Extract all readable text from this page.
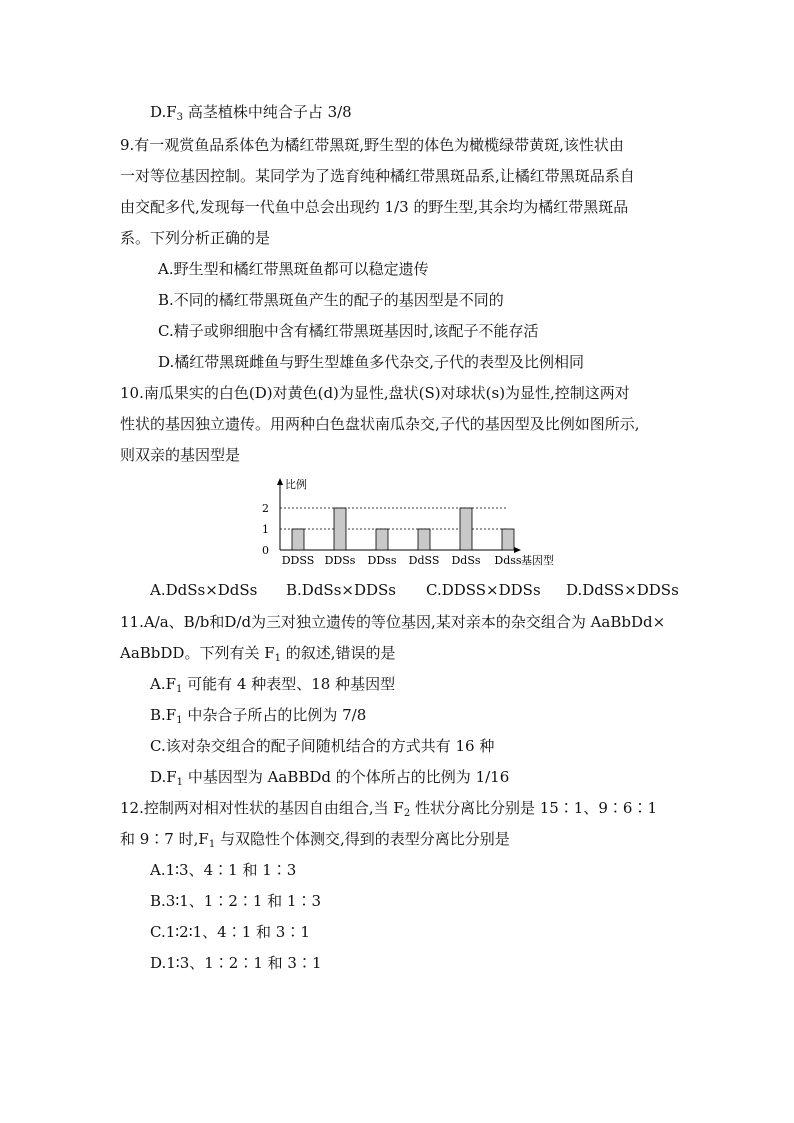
$D.F_3$ 高茎植株中纯合子占 3/8
9.有一观赏鱼品系体色为橘红带黑斑,野生型的体色为橄榄绿带黄斑,该性状由
一对等位基因控制。某同学为了选育纯种橘红带黑斑品系,让橘红带黑斑品系自
由交配多代,发现每一代鱼中总会出现约 1/3 的野生型,其余均为橘红带黑斑品
系。下列分析正确的是
A.野生型和橘红带黑斑鱼都可以稳定遗传
B.不同的橘红带黑斑鱼产生的配子的基因型是不同的
C.精子或卵细胞中含有橘红带黑斑基因时,该配子不能存活
D.橘红带黑斑雌鱼与野生型雄鱼多代杂交,子代的表型及比例相同
10.南瓜果实的白色(D)对黄色(d)为显性,盘状(S)对球状(s)为显性,控制这两对
性状的基因独立遗传。用两种白色盘状南瓜杂交,子代的基因型及比例如图所示,
则双亲的基因型是
比例
基因型
0
1
2
DDSS DDSs DDss DdSS DdSs Ddss
A.DdSs×DdSs B.DdSs×DDSs C.DDSS×DDSs D.DdSS×DDSs
11.A/a、B/b和D/d为三对独立遗传的等位基因,某对亲本的杂交组合为 AaBbDd×
AaBbDD。下列有关 $F_1$ 的叙述,错误的是
$A.F_1$ 可能有 4 种表型、18 种基因型
$B.F_1$ 中杂合子所占的比例为 7/8
C.该对杂交组合的配子间随机结合的方式共有 16 种
$D.F_1$ 中基因型为 AaBBDd 的个体所占的比例为 1/16
12.控制两对相对性状的基因自由组合,当 $F_2$ 性状分离比分别是 15∶1、9∶6∶1
和 9∶7 时$,F_1$ 与双隐性个体测交,得到的表型分离比分别是
A.1∶3、4∶1 和 1∶3
B.3∶1、1∶2∶1 和 1∶3
C.1∶2∶1、4∶1 和 3∶1
D.1∶3、1∶2∶1 和 3∶1
